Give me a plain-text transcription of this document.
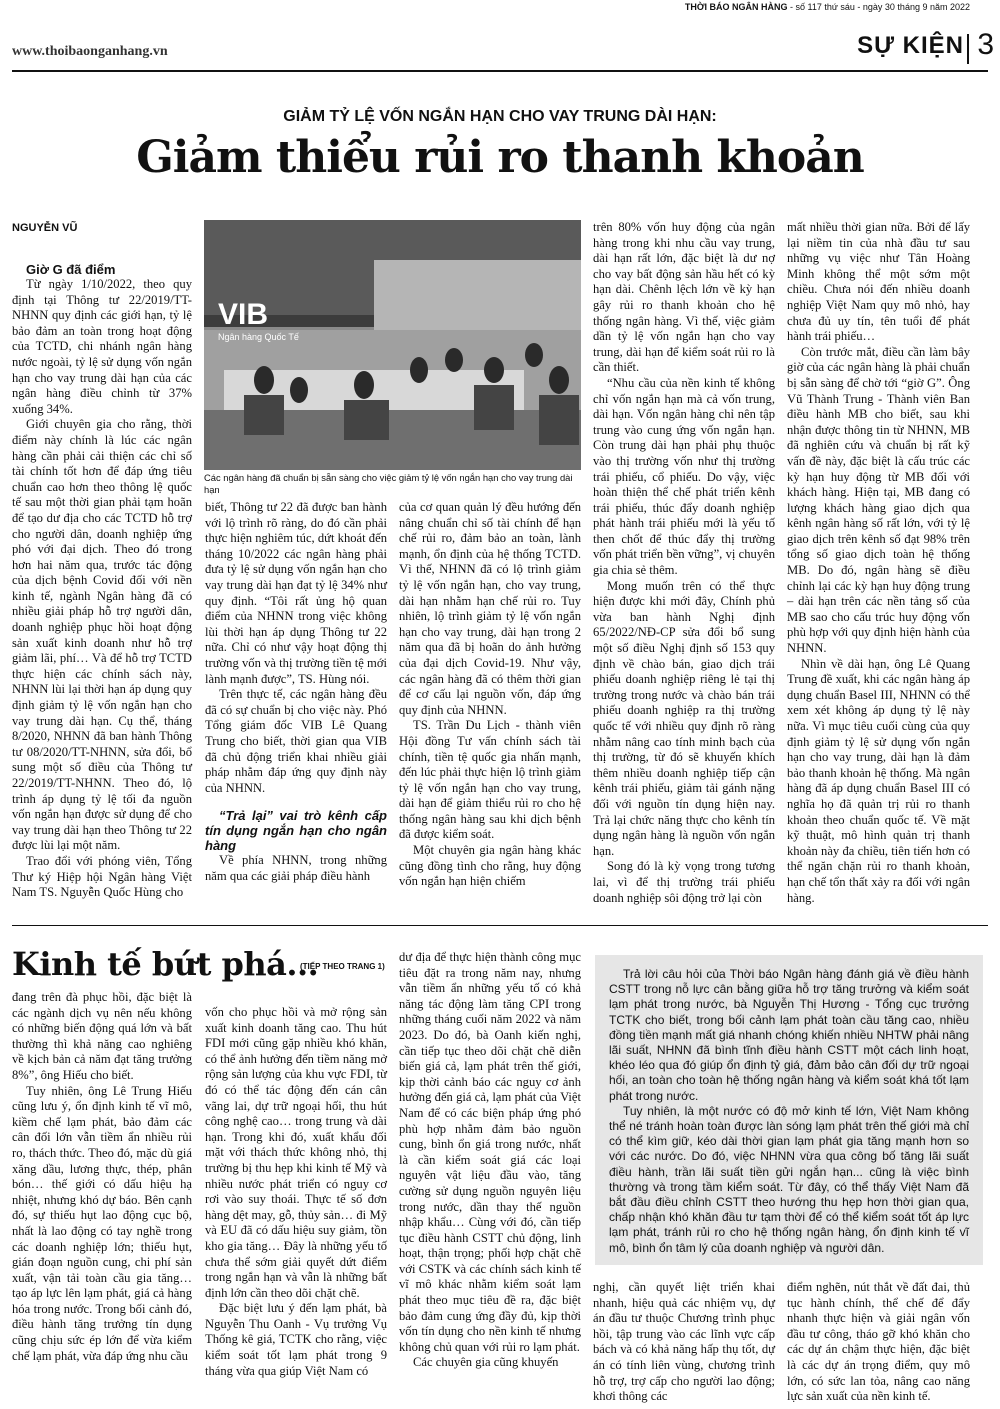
THỜI BÁO NGÂN HÀNG - số 117 thứ sáu - ngày 30 tháng 9 năm 2022
www.thoibaonganhang.vn	SỰ KIỆN 3
GIẢM TỶ LỆ VỐN NGẮN HẠN CHO VAY TRUNG DÀI HẠN:
Giảm thiểu rủi ro thanh khoản
NGUYỄN VŨ

Giờ G đã điểm

Từ ngày 1/10/2022, theo quy định tại Thông tư 22/2019/TT-NHNN quy định các giới hạn, tỷ lệ bảo đảm an toàn trong hoạt động của TCTD, chi nhánh ngân hàng nước ngoài, tỷ lệ sử dụng vốn ngắn hạn cho vay trung dài hạn của các ngân hàng điều chỉnh từ 37% xuống 34%.

Giới chuyên gia cho rằng, thời điểm này chính là lúc các ngân hàng cần phải cải thiện các chỉ số tài chính tốt hơn để đáp ứng tiêu chuẩn cao hơn theo thông lệ quốc tế sau một thời gian phải tạm hoãn để tạo dư địa cho các TCTD hỗ trợ cho người dân, doanh nghiệp ứng phó với đại dịch. Theo đó trong hơn hai năm qua, trước tác động của dịch bệnh Covid đối với nền kinh tế, ngành Ngân hàng đã có nhiều giải pháp hỗ trợ người dân, doanh nghiệp phục hồi hoạt động sản xuất kinh doanh như hỗ trợ giảm lãi, phí… Và để hỗ trợ TCTD thực hiện các chính sách này, NHNN lùi lại thời hạn áp dụng quy định giảm tỷ lệ vốn ngắn hạn cho vay trung dài hạn. Cụ thể, tháng 8/2020, NHNN đã ban hành Thông tư 08/2020/TT-NHNN, sửa đổi, bổ sung một số điều của Thông tư 22/2019/TT-NHNN. Theo đó, lộ trình áp dụng tỷ lệ tối đa nguồn vốn ngắn hạn được sử dụng để cho vay trung dài hạn theo Thông tư 22 được lùi lại một năm.

Trao đổi với phóng viên, Tổng Thư ký Hiệp hội Ngân hàng Việt Nam TS. Nguyễn Quốc Hùng cho

VIB
Ngân hàng Quốc Tế
Các ngân hàng đã chuẩn bị sẵn sàng cho việc giảm tỷ lệ vốn ngắn hạn cho vay trung dài hạn

biết, Thông tư 22 đã được ban hành với lộ trình rõ ràng, do đó cần phải thực hiện nghiêm túc, dứt khoát đến tháng 10/2022 các ngân hàng phải đưa tỷ lệ sử dụng vốn ngắn hạn cho vay trung dài hạn đạt tỷ lệ 34% như quy định. “Tôi rất ủng hộ quan điểm của NHNN trong việc không lùi thời hạn áp dụng Thông tư 22 nữa. Chỉ có như vậy hoạt động thị trường vốn và thị trường tiền tệ mới lành mạnh được”, TS. Hùng nói.

Trên thực tế, các ngân hàng đều đã có sự chuẩn bị cho việc này. Phó Tổng giám đốc VIB Lê Quang Trung cho biết, thời gian qua VIB đã chủ động triển khai nhiều giải pháp nhằm đáp ứng quy định này của NHNN.

“Trả lại” vai trò kênh cấp tín dụng ngắn hạn cho ngân hàng

Về phía NHNN, trong những năm qua các giải pháp điều hành

của cơ quan quản lý đều hướng đến nâng chuẩn chỉ số tài chính để hạn chế rủi ro, đảm bảo an toàn, lành mạnh, ổn định của hệ thống TCTD. Vì thế, NHNN đã có lộ trình giảm tỷ lệ vốn ngắn hạn, cho vay trung, dài hạn nhằm hạn chế rủi ro. Tuy nhiên, lộ trình giảm tỷ lệ vốn ngắn hạn cho vay trung, dài hạn trong 2 năm qua đã bị hoãn do ảnh hưởng của đại dịch Covid-19. Như vậy, các ngân hàng đã có thêm thời gian để cơ cấu lại nguồn vốn, đáp ứng quy định của NHNN.

TS. Trần Du Lịch - thành viên Hội đồng Tư vấn chính sách tài chính, tiền tệ quốc gia nhấn mạnh, đến lúc phải thực hiện lộ trình giảm tỷ lệ vốn ngắn hạn cho vay trung, dài hạn để giảm thiểu rủi ro cho hệ thống ngân hàng sau khi dịch bệnh đã được kiểm soát.

Một chuyên gia ngân hàng khác cũng đồng tình cho rằng, huy động vốn ngắn hạn hiện chiếm

trên 80% vốn huy động của ngân hàng trong khi nhu cầu vay trung, dài hạn rất lớn, đặc biệt là dư nợ cho vay bất động sản hầu hết có kỳ hạn dài. Chênh lệch lớn về kỳ hạn gây rủi ro thanh khoản cho hệ thống ngân hàng. Vì thế, việc giảm dần tỷ lệ vốn ngắn hạn cho vay trung, dài hạn để kiểm soát rủi ro là cần thiết.

“Nhu cầu của nền kinh tế không chỉ vốn ngắn hạn mà cả vốn trung, dài hạn. Vốn ngân hàng chỉ nên tập trung vào cung ứng vốn ngắn hạn. Còn trung dài hạn phải phụ thuộc vào thị trường vốn như thị trường trái phiếu, cổ phiếu. Do vậy, việc hoàn thiện thể chế phát triển kênh trái phiếu, thúc đẩy doanh nghiệp phát hành trái phiếu mới là yếu tố then chốt để thúc đẩy thị trường vốn phát triển bền vững”, vị chuyên gia chia sẻ thêm.

Mong muốn trên có thể thực hiện được khi mới đây, Chính phủ vừa ban hành Nghị định 65/2022/NĐ-CP sửa đổi bổ sung một số điều Nghị định số 153 quy định về chào bán, giao dịch trái phiếu doanh nghiệp riêng lẻ tại thị trường trong nước và chào bán trái phiếu doanh nghiệp ra thị trường quốc tế với nhiều quy định rõ ràng nhằm nâng cao tính minh bạch của thị trường, từ đó sẽ khuyến khích thêm nhiều doanh nghiệp tiếp cận kênh trái phiếu, giảm tải gánh nặng đối với nguồn tín dụng hiện nay. Trả lại chức năng thực cho kênh tín dụng ngân hàng là nguồn vốn ngắn hạn.

Song đó là kỳ vọng trong tương lai, vì để thị trường trái phiếu doanh nghiệp sôi động trở lại còn

mất nhiều thời gian nữa. Bởi để lấy lại niềm tin của nhà đầu tư sau những vụ việc như Tân Hoàng Minh không thể một sớm một chiều. Chưa nói đến nhiều doanh nghiệp Việt Nam quy mô nhỏ, hay chưa đủ uy tín, tên tuổi để phát hành trái phiếu…

Còn trước mắt, điều cần làm bây giờ của các ngân hàng là phải chuẩn bị sẵn sàng để chờ tới “giờ G”. Ông Vũ Thành Trung - Thành viên Ban điều hành MB cho biết, sau khi nhận được thông tin từ NHNN, MB đã nghiên cứu và chuẩn bị rất kỹ vấn đề này, đặc biệt là cấu trúc các kỳ hạn huy động từ MB đối với khách hàng. Hiện tại, MB đang có lượng khách hàng giao dịch qua kênh ngân hàng số rất lớn, với tỷ lệ giao dịch trên kênh số đạt 98% trên tổng số giao dịch toàn hệ thống MB. Do đó, ngân hàng sẽ điều chỉnh lại các kỳ hạn huy động trung – dài hạn trên các nền tảng số của MB sao cho cấu trúc huy động vốn phù hợp với quy định hiện hành của NHNN.

Nhìn về dài hạn, ông Lê Quang Trung đề xuất, khi các ngân hàng áp dụng chuẩn Basel III, NHNN có thể xem xét không áp dụng tỷ lệ này nữa. Vì mục tiêu cuối cùng của quy định giảm tỷ lệ sử dụng vốn ngắn hạn cho vay trung, dài hạn là đảm bảo thanh khoản hệ thống. Mà ngân hàng đã áp dụng chuẩn Basel III có nghĩa họ đã quản trị rủi ro thanh khoản theo chuẩn quốc tế. Về mặt kỹ thuật, mô hình quản trị thanh khoản này đa chiều, tiên tiến hơn có thể ngăn chặn rủi ro thanh khoản, hạn chế tổn thất xảy ra đối với ngân hàng.

Kinh tế bứt phá...
(TIẾP THEO TRANG 1)

đang trên đà phục hồi, đặc biệt là các ngành dịch vụ nên nếu không có những biến động quá lớn và bất thường thì khả năng cao nghiêng về kịch bản cả năm đạt tăng trưởng 8%”, ông Hiếu cho biết.

Tuy nhiên, ông Lê Trung Hiếu cũng lưu ý, ổn định kinh tế vĩ mô, kiềm chế lạm phát, bảo đảm các cân đối lớn vẫn tiềm ẩn nhiều rủi ro, thách thức. Theo đó, mặc dù giá xăng dầu, lương thực, thép, phân bón… thế giới có dấu hiệu hạ nhiệt, nhưng khó dự báo. Bên cạnh đó, sự thiếu hụt lao động cục bộ, nhất là lao động có tay nghề trong các doanh nghiệp lớn; thiếu hụt, gián đoạn nguồn cung, chi phí sản xuất, vận tải toàn cầu gia tăng… tạo áp lực lên lạm phát, giá cả hàng hóa trong nước. Trong bối cảnh đó, điều hành tăng trưởng tín dụng cũng chịu sức ép lớn để vừa kiểm chế lạm phát, vừa đáp ứng nhu cầu

vốn cho phục hồi và mở rộng sản xuất kinh doanh tăng cao. Thu hút FDI mới cũng gặp nhiều khó khăn, có thể ảnh hưởng đến tiềm năng mở rộng sản lượng của khu vực FDI, từ đó có thể tác động đến cán cân vãng lai, dự trữ ngoại hối, thu hút công nghệ cao… trong trung và dài hạn. Trong khi đó, xuất khẩu đối mặt với thách thức không nhỏ, thị trường bị thu hẹp khi kinh tế Mỹ và nhiều nước phát triển có nguy cơ rơi vào suy thoái. Thực tế số đơn hàng dệt may, gỗ, thủy sản… đi Mỹ và EU đã có dấu hiệu suy giảm, tồn kho gia tăng… Đây là những yếu tố chưa thể sớm giải quyết dứt điểm trong ngắn hạn và vẫn là những bất định lớn cần theo dõi chặt chẽ.

Đặc biệt lưu ý đến lạm phát, bà Nguyễn Thu Oanh - Vụ trưởng Vụ Thống kê giá, TCTK cho rằng, việc kiểm soát tốt lạm phát trong 9 tháng vừa qua giúp Việt Nam có

dư địa để thực hiện thành công mục tiêu đặt ra trong năm nay, nhưng vẫn tiềm ẩn những yếu tố có khả năng tác động làm tăng CPI trong những tháng cuối năm 2022 và năm 2023. Do đó, bà Oanh kiến nghị, cần tiếp tục theo dõi chặt chẽ diễn biến giá cả, lạm phát trên thế giới, kịp thời cảnh báo các nguy cơ ảnh hưởng đến giá cả, lạm phát của Việt Nam để có các biện pháp ứng phó phù hợp nhằm đảm bảo nguồn cung, bình ổn giá trong nước, nhất là cần kiểm soát giá các loại nguyên vật liệu đầu vào, tăng cường sử dụng nguồn nguyên liệu trong nước, dần thay thế nguồn nhập khẩu… Cùng với đó, cần tiếp tục điều hành CSTT chủ động, linh hoạt, thận trọng; phối hợp chặt chẽ với CSTK và các chính sách kinh tế vĩ mô khác nhằm kiểm soát lạm phát theo mục tiêu đề ra, đặc biệt bảo đảm cung ứng đầy đủ, kịp thời vốn tín dụng cho nền kinh tế nhưng không chủ quan với rủi ro lạm phát.

Các chuyên gia cũng khuyến

Trả lời câu hỏi của Thời báo Ngân hàng đánh giá về điều hành CSTT trong nỗ lực cân bằng giữa hỗ trợ tăng trưởng và kiểm soát lạm phát trong nước, bà Nguyễn Thị Hương - Tổng cục trưởng TCTK cho biết, trong bối cảnh lạm phát toàn cầu tăng cao, nhiều đồng tiền mạnh mất giá nhanh chóng khiến nhiều NHTW phải nâng lãi suất, NHNN đã bình tĩnh điều hành CSTT một cách linh hoạt, khéo léo qua đó giúp ổn định tỷ giá, đảm bảo cân đối dự trữ ngoại hối, an toàn cho toàn hệ thống ngân hàng và kiểm soát khá tốt lạm phát trong nước.

Tuy nhiên, là một nước có độ mở kinh tế lớn, Việt Nam không thể né tránh hoàn toàn được làn sóng lạm phát trên thế giới mà chỉ có thể kìm giữ, kéo dài thời gian lạm phát gia tăng mạnh hơn so với các nước. Do đó, việc NHNN vừa qua công bố tăng lãi suất điều hành, trần lãi suất tiền gửi ngắn hạn... cũng là việc bình thường và trong tầm kiểm soát. Từ đây, có thể thấy Việt Nam đã bắt đầu điều chỉnh CSTT theo hướng thu hẹp hơn thời gian qua, chấp nhận khó khăn đầu tư tạm thời để có thể kiểm soát tốt áp lực lạm phát, tránh rủi ro cho hệ thống ngân hàng, ổn định kinh tế vĩ mô, bình ổn tâm lý của doanh nghiệp và người dân.

nghị, cần quyết liệt triển khai nhanh, hiệu quả các nhiệm vụ, dự án đầu tư thuộc Chương trình phục hồi, tập trung vào các lĩnh vực cấp bách và có khả năng hấp thụ tốt, dự án có tính liên vùng, chương trình hỗ trợ, trợ cấp cho người lao động; khơi thông các

điểm nghẽn, nút thắt về đất đai, thủ tục hành chính, thể chế để đẩy nhanh thực hiện và giải ngân vốn đầu tư công, tháo gỡ khó khăn cho các dự án chậm thực hiện, đặc biệt là các dự án trọng điểm, quy mô lớn, có sức lan tỏa, nâng cao năng lực sản xuất của nền kinh tế.
